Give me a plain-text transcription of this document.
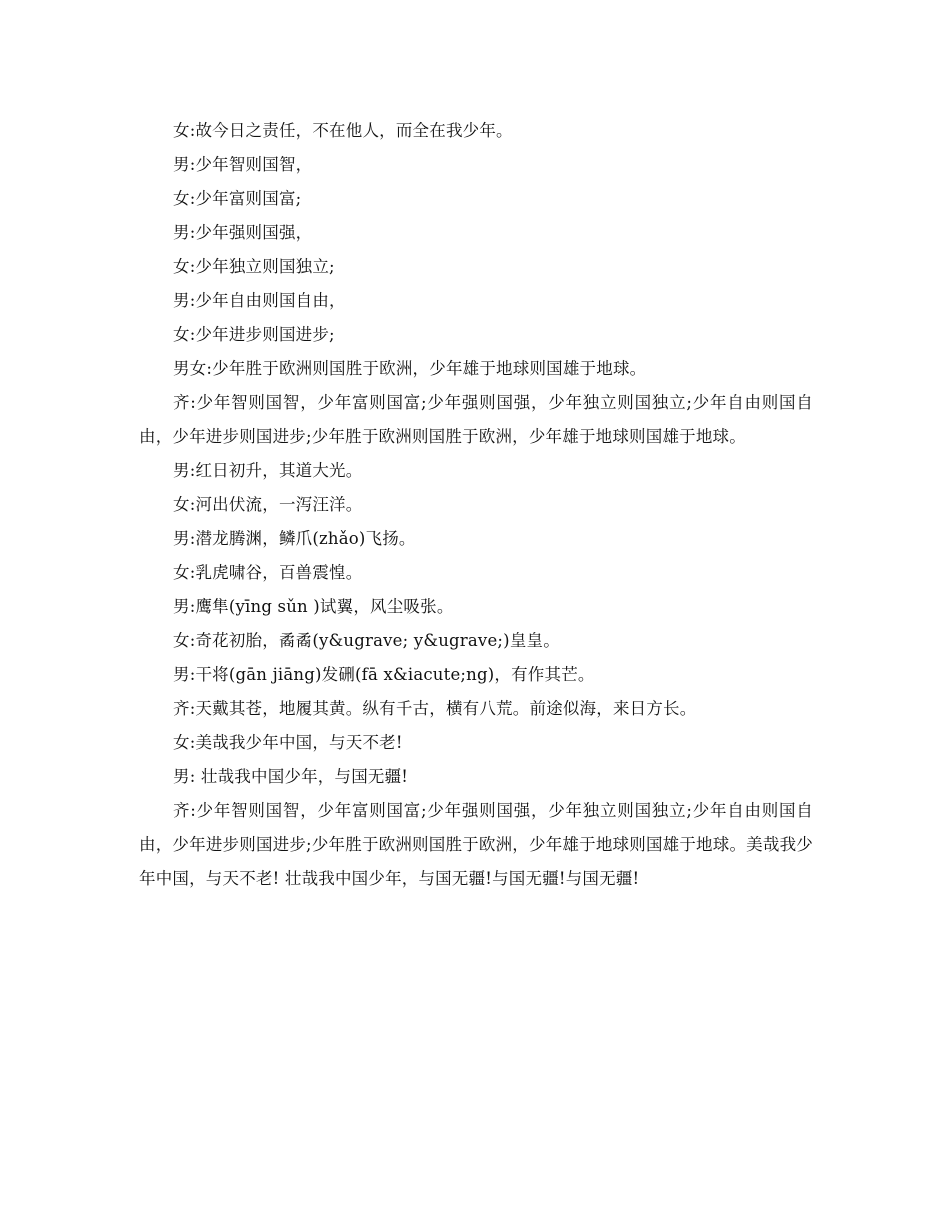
女:故今日之责任，不在他人，而全在我少年。

男:少年智则国智，

女:少年富则国富;

男:少年强则国强，

女:少年独立则国独立;

男:少年自由则国自由，

女:少年进步则国进步;

男女:少年胜于欧洲则国胜于欧洲，少年雄于地球则国雄于地球。

齐:少年智则国智，少年富则国富;少年强则国强，少年独立则国独立;少年自由则国自由，少年进步则国进步;少年胜于欧洲则国胜于欧洲，少年雄于地球则国雄于地球。

男:红日初升，其道大光。

女:河出伏流，一泻汪洋。

男:潜龙腾渊，鳞爪(zhǎo)飞扬。

女:乳虎啸谷，百兽震惶。

男:鹰隼(yīng sǔn )试翼，风尘吸张。

女:奇花初胎，矞矞(y&ugrave; y&ugrave;)皇皇。

男:干将(gān jiāng)发硎(fā x&iacute;ng)，有作其芒。

齐:天戴其苍，地履其黄。纵有千古，横有八荒。前途似海，来日方长。

女:美哉我少年中国，与天不老!

男: 壮哉我中国少年，与国无疆!

齐:少年智则国智，少年富则国富;少年强则国强，少年独立则国独立;少年自由则国自由，少年进步则国进步;少年胜于欧洲则国胜于欧洲，少年雄于地球则国雄于地球。美哉我少年中国，与天不老! 壮哉我中国少年，与国无疆!与国无疆!与国无疆!
